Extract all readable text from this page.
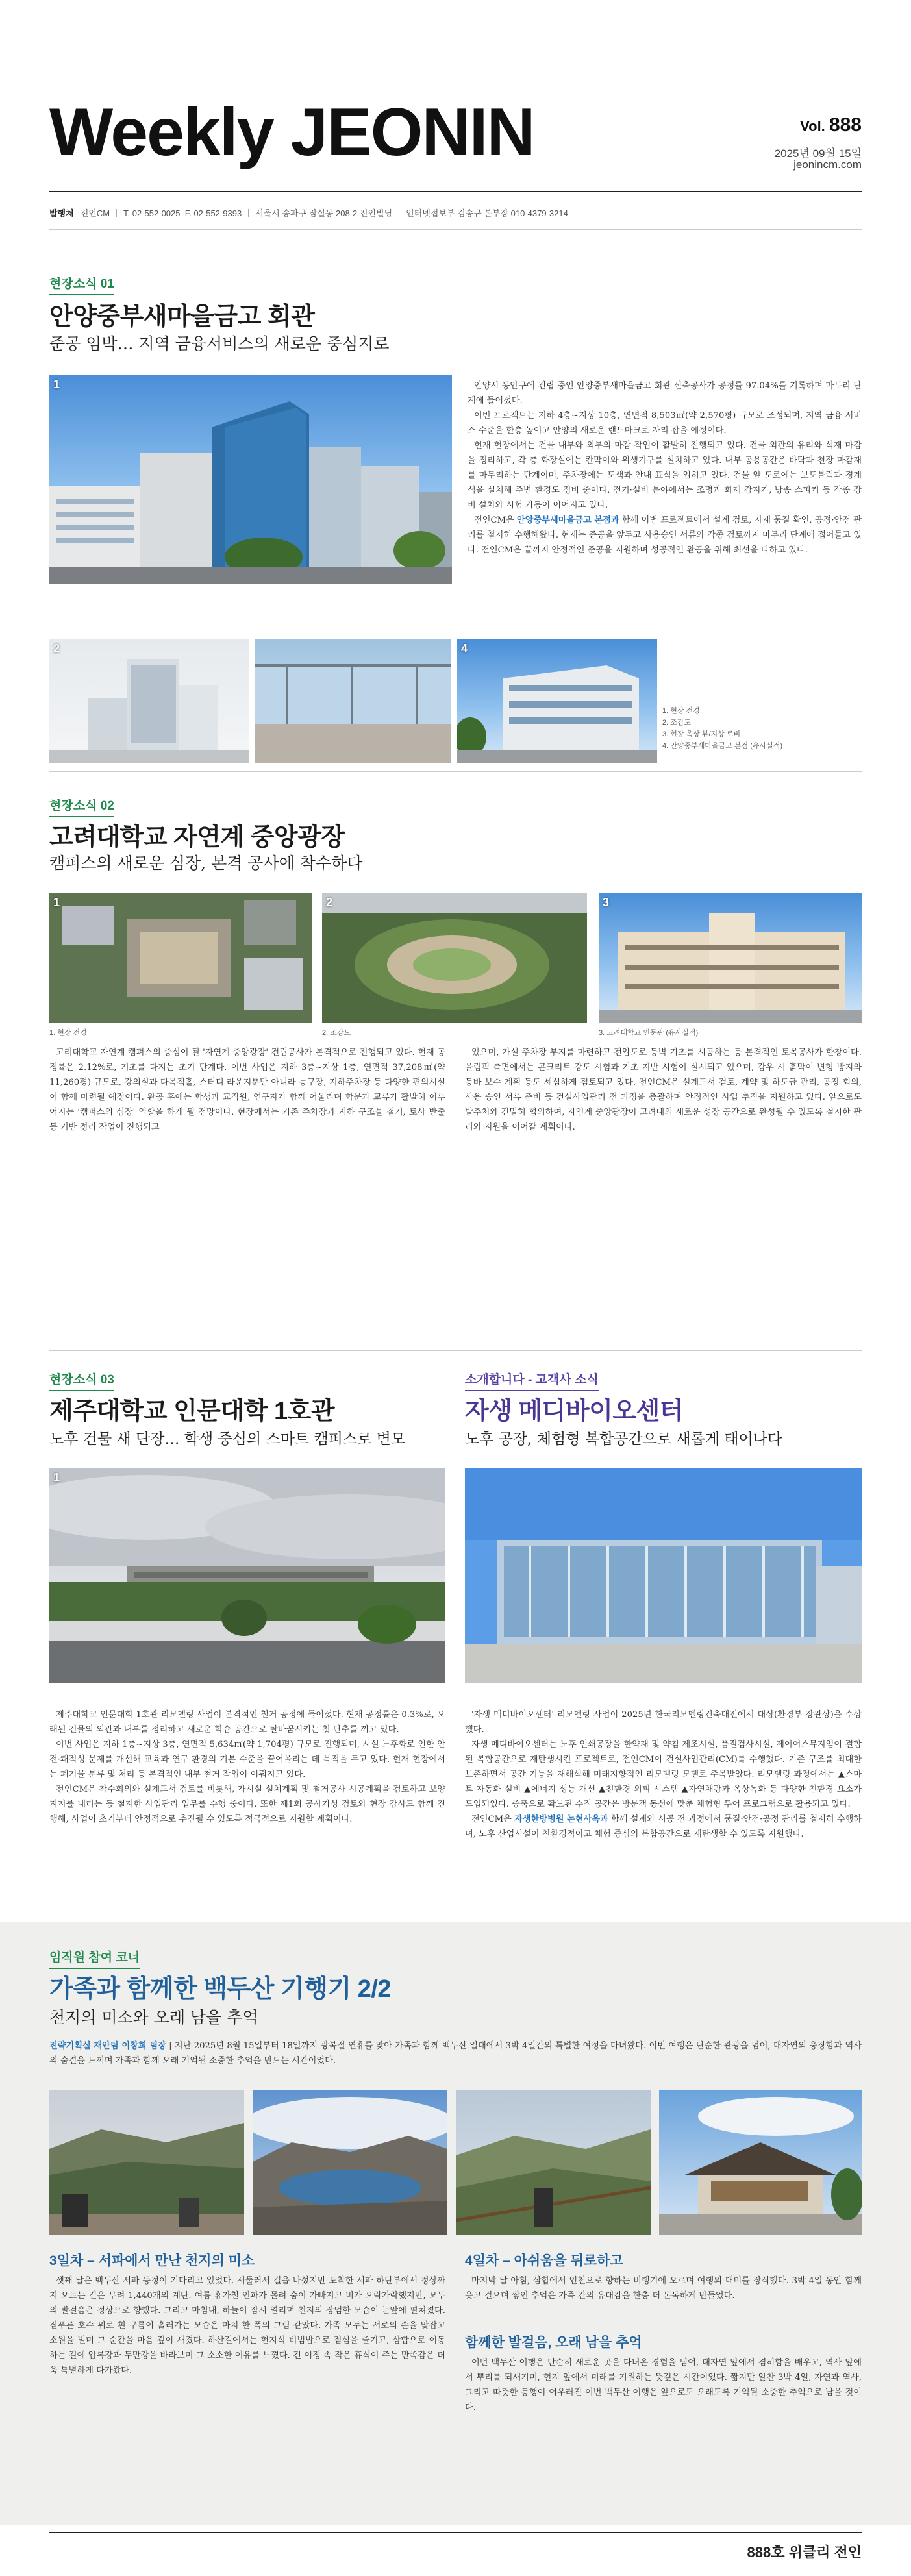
Weekly JEONIN	Vol. 888
2025년 09월 15일
jeonincm.com
발행처 전인CM T. 02-552-0025 F. 02-552-9393 서울시 송파구 잠실동 208-2 전인빌딩 인터넷접보부 김송규 본부장 010-4379-3214
현장소식 01
안양중부새마을금고 회관
준공 임박… 지역 금융서비스의 새로운 중심지로
1	안양시 동안구에 건립 중인 안양중부새마을금고 회관 신축공사가 공정률 97.04%를 기록하며 마무리 단계에 들어섰다.

이번 프로젝트는 지하 4층~지상 10층, 연면적 8,503㎡(약 2,570평) 규모로 조성되며, 지역 금융 서비스 수준을 한층 높이고 안양의 새로운 랜드마크로 자리 잡을 예정이다.

현재 현장에서는 건물 내부와 외부의 마감 작업이 활발히 진행되고 있다. 건물 외관의 유리와 석재 마감을 정리하고, 각 층 화장실에는 칸막이와 위생기구를 설치하고 있다. 내부 공용공간은 바닥과 천장 마감재를 마무리하는 단계이며, 주차장에는 도색과 안내 표식을 입히고 있다. 건물 앞 도로에는 보도블럭과 경계석을 설치해 주변 환경도 정비 중이다. 전기·설비 분야에서는 조명과 화재 감지기, 방송 스피커 등 각종 장비 설치와 시험 가동이 이어지고 있다.

전인CM은 안양중부새마을금고 본점과 함께 이번 프로젝트에서 설계 검토, 자재 품질 확인, 공정·안전 관리를 철저히 수행해왔다. 현재는 준공을 앞두고 사용승인 서류와 각종 검토까지 마무리 단계에 접어들고 있다. 전인CM은 끝까지 안정적인 준공을 지원하며 성공적인 완공을 위해 최선을 다하고 있다.

2	4
1. 현장 전경
2. 조감도
3. 현장 옥상 뷰/지상 로비
4. 안양중부새마을금고 본점 (유사실적)
현장소식 02
고려대학교 자연계 중앙광장
캠퍼스의 새로운 심장, 본격 공사에 착수하다
1	2	3
1. 현장 전경	2. 조감도	3. 고려대학교 인문관 (유사실적)

고려대학교 자연계 캠퍼스의 중심이 될 '자연계 중앙광장' 건립공사가 본격적으로 진행되고 있다. 현재 공정률은 2.12%로, 기초를 다지는 초기 단계다. 이번 사업은 지하 3층~지상 1층, 연면적 37,208㎡(약 11,260평) 규모로, 강의실과 다목적홀, 스터디 라운지뿐만 아니라 농구장, 지하주차장 등 다양한 편의시설이 함께 마련될 예정이다. 완공 후에는 학생과 교직원, 연구자가 함께 어울리며 학문과 교류가 활발히 이루어지는 '캠퍼스의 심장' 역할을 하게 될 전망이다. 현장에서는 기존 주차장과 지하 구조물 철거, 토사 반출 등 기반 정리 작업이 진행되고

있으며, 가설 주차장 부지를 마련하고 전압도로 등벽 기초를 시공하는 등 본격적인 토목공사가 한창이다. 올림픽 측면에서는 콘크리트 강도 시험과 기초 지반 시험이 실시되고 있으며, 감우 시 흙막이 변형 방지와 동바 보수 계획 등도 세심하게 점토되고 있다. 전인CM은 설계도서 검토, 계약 및 하도급 관리, 공정 회의, 사용 승인 서류 준비 등 건설사업관리 전 과정을 총괄하며 안정적인 사업 추진을 지원하고 있다. 앞으로도 발주처와 긴밀히 협의하여, 자연계 중앙광장이 고려대의 새로운 성장 공간으로 완성될 수 있도록 철저한 관리와 지원을 이어갈 계획이다.

현장소식 03
제주대학교 인문대학 1호관
노후 건물 새 단장… 학생 중심의 스마트 캠퍼스로 변모
1

제주대학교 인문대학 1호관 리모델링 사업이 본격적인 철거 공정에 들어섰다. 현재 공정률은 0.3%로, 오래된 건물의 외관과 내부를 정리하고 새로운 학습 공간으로 탈바꿈시키는 첫 단추를 끼고 있다.

이번 사업은 지하 1층~지상 3층, 연면적 5,634㎡(약 1,704평) 규모로 진행되며, 시설 노후화로 인한 안전·쾌적성 문제를 개선해 교육과 연구 환경의 기본 수준을 끌어올리는 데 목적을 두고 있다. 현재 현장에서는 폐기물 분류 및 처리 등 본격적인 내부 철거 작업이 이뤄지고 있다.

전인CM은 착수회의와 설계도서 검토를 비롯해, 가시설 설치계획 및 철거공사 시공계획을 검토하고 보양 지지를 내리는 등 철저한 사업관리 업무를 수행 중이다. 또한 제1회 공사기성 검토와 현장 감사도 함께 진행해, 사업이 초기부터 안정적으로 추진될 수 있도록 적극적으로 지원할 계획이다.

소개합니다 - 고객사 소식
자생 메디바이오센터
노후 공장, 체험형 복합공간으로 새롭게 태어나다

'자생 메디바이오센터' 리모델링 사업이 2025년 한국리모델링건축대전에서 대상(환경부 장관상)을 수상했다.

자생 메디바이오센터는 노후 인쇄공장을 한약재 및 약침 제조시설, 품질검사시설, 제이어스뮤지엄이 결합된 복합공간으로 재탄생시킨 프로젝트로, 전인CM이 건설사업관리(CM)를 수행했다. 기존 구조를 최대한 보존하면서 공간 기능을 재해석해 미래지향적인 리모델링 모델로 주목받았다. 리모델링 과정에서는 ▲스마트 자동화 설비 ▲에너지 성능 개선 ▲친환경 외피 시스템 ▲자연채광과 옥상녹화 등 다양한 친환경 요소가 도입되었다. 증축으로 확보된 수직 공간은 방문객 동선에 맞춘 체험형 투어 프로그램으로 활용되고 있다.

전인CM은 자생한방병원 논현사옥과 함께 설계와 시공 전 과정에서 품질·안전·공정 관리를 철저히 수행하며, 노후 산업시설이 친환경적이고 체험 중심의 복합공간으로 재탄생할 수 있도록 지원했다.

임직원 참여 코너
가족과 함께한 백두산 기행기 2/2
천지의 미소와 오래 남을 추억

전략기획실 재안팀 이창희 팀장 | 지난 2025년 8월 15일부터 18일까지 광복절 연휴를 맞아 가족과 함께 백두산 일대에서 3박 4일간의 특별한 여정을 다녀왔다. 이번 여행은 단순한 관광을 넘어, 대자연의 웅장함과 역사의 숨결을 느끼며 가족과 함께 오래 기억될 소중한 추억을 만드는 시간이었다.

3일차 – 서파에서 만난 천지의 미소

셋째 날은 백두산 서파 등정이 기다리고 있었다. 서둘러서 길을 나섰지만 도착한 서파 하단부에서 정상까지 오르는 길은 무려 1,440개의 계단. 여름 휴가철 인파가 몰려 숨이 가빠지고 비가 오락가락했지만, 모두의 발걸음은 정상으로 향했다. 그리고 마침내, 하늘이 잠시 열리며 천지의 장엄한 모습이 눈앞에 펼쳐졌다. 짙푸른 호수 위로 흰 구름이 흘러가는 모습은 마치 한 폭의 그림 같았다. 가족 모두는 서로의 손을 맞잡고 소원을 빌며 그 순간을 마음 깊이 새겼다. 하산길에서는 현지식 비빔밥으로 점심을 즐기고, 삼합으로 이동하는 길에 압록강과 두만강을 바라보며 그 소소한 여유를 느꼈다. 긴 여정 속 작은 휴식이 주는 만족감은 더욱 특별하게 다가왔다.

4일차 – 아쉬움을 뒤로하고

마지막 날 아침, 삼합에서 인천으로 향하는 비행기에 오르며 여행의 대미를 장식했다. 3박 4일 동안 함께 웃고 걸으며 쌓인 추억은 가족 간의 유대감을 한층 더 돈독하게 만들었다.

함께한 발걸음, 오래 남을 추억

이번 백두산 여행은 단순히 새로운 곳을 다녀온 경험을 넘어, 대자연 앞에서 겸허함을 배우고, 역사 앞에서 뿌리를 되새기며, 현지 앞에서 미래를 기원하는 뜻깊은 시간이었다. 짧지만 알찬 3박 4일, 자연과 역사, 그리고 따뜻한 동행이 어우러진 이번 백두산 여행은 앞으로도 오래도록 기억될 소중한 추억으로 남을 것이다.

888호 위클리 전인
